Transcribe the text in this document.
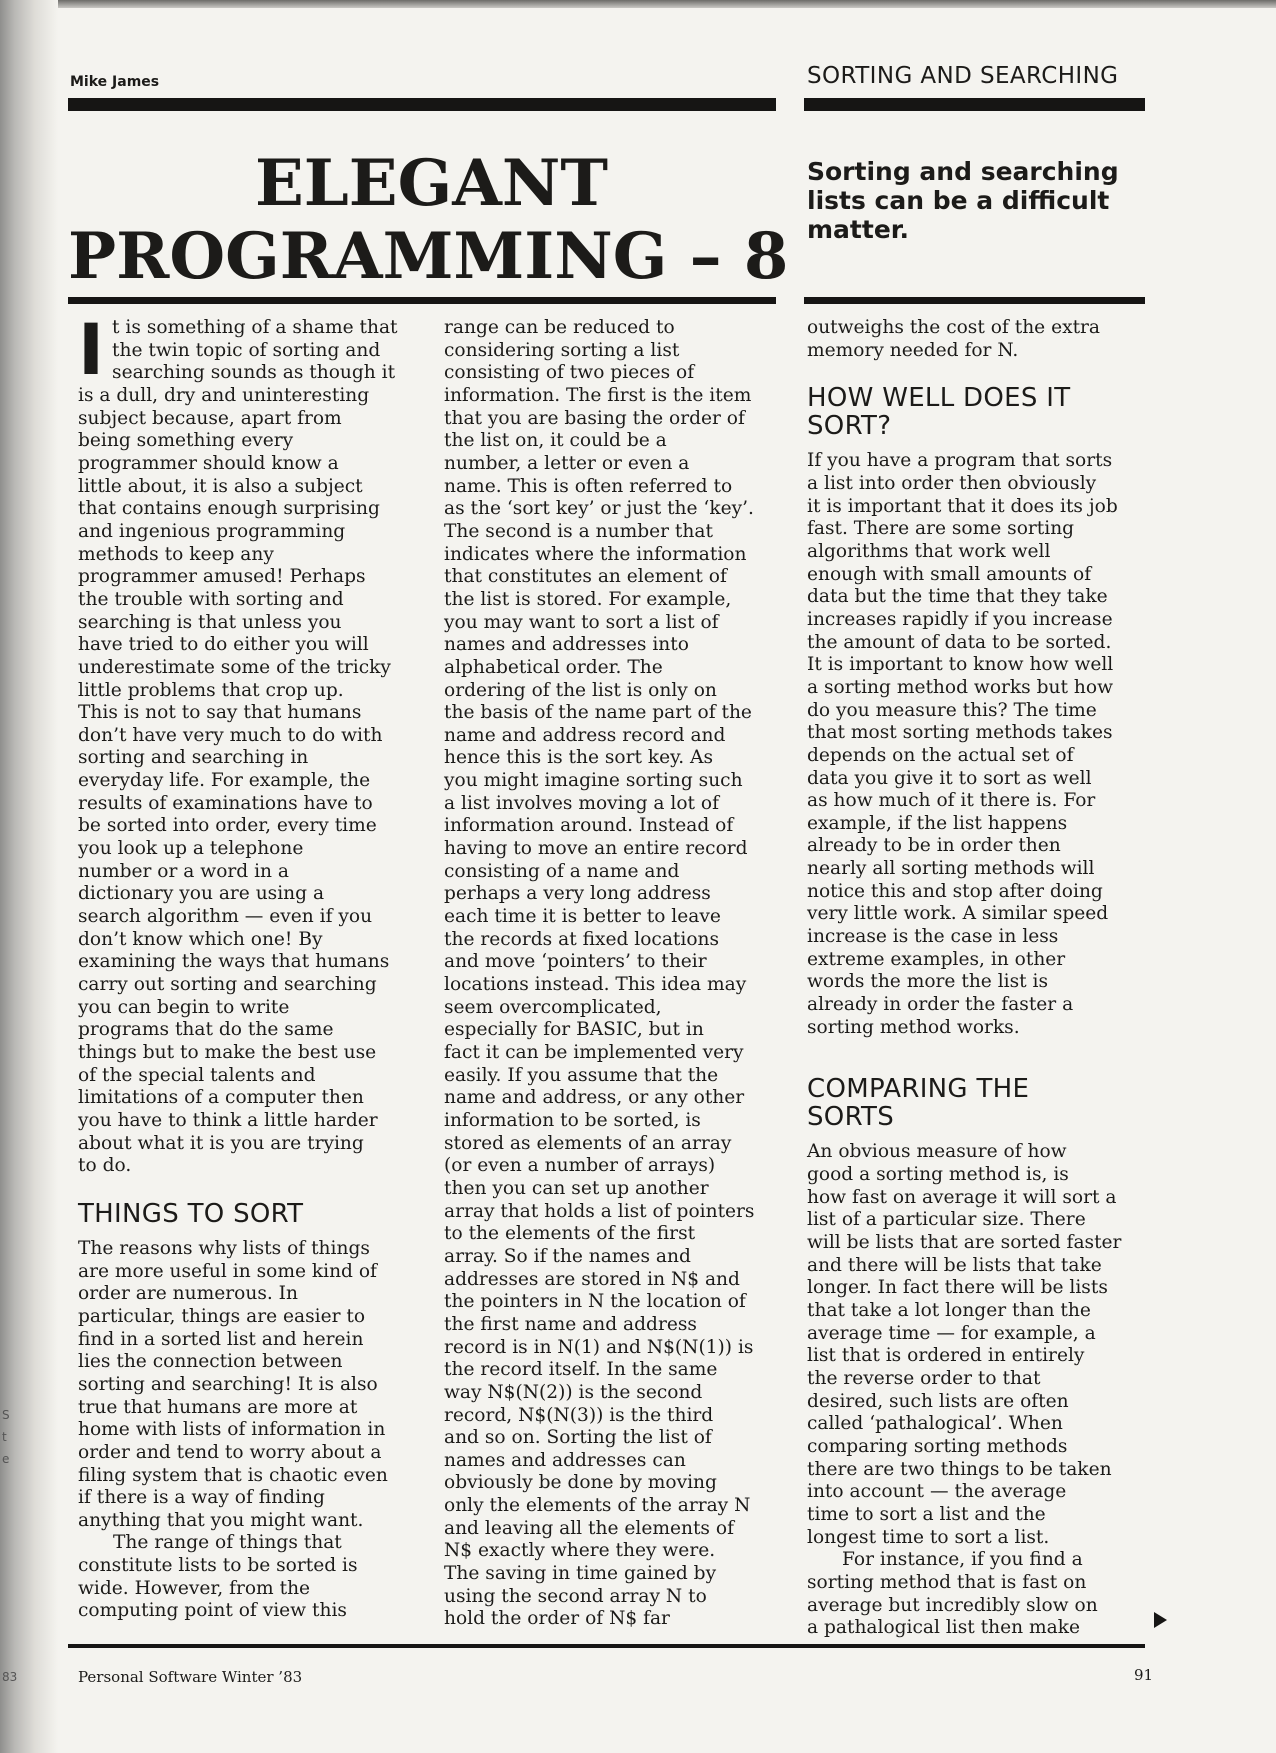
S
t
e
83
Mike James	SORTING AND SEARCHING
ELEGANT
PROGRAMMING – 8
Sorting and searching lists can be a difficult matter.
I t is something of a shame that

the twin topic of sorting and

searching sounds as though it

is a dull, dry and uninteresting

subject because, apart from

being something every

programmer should know a

little about, it is also a subject

that contains enough surprising

and ingenious programming

methods to keep any

programmer amused! Perhaps

the trouble with sorting and

searching is that unless you

have tried to do either you will

underestimate some of the tricky

little problems that crop up.

This is not to say that humans

don’t have very much to do with

sorting and searching in

everyday life. For example, the

results of examinations have to

be sorted into order, every time

you look up a telephone

number or a word in a

dictionary you are using a

search algorithm — even if you

don’t know which one! By

examining the ways that humans

carry out sorting and searching

you can begin to write

programs that do the same

things but to make the best use

of the special talents and

limitations of a computer then

you have to think a little harder

about what it is you are trying

to do.

THINGS TO SORT

The reasons why lists of things

are more useful in some kind of

order are numerous. In

particular, things are easier to

find in a sorted list and herein

lies the connection between

sorting and searching! It is also

true that humans are more at

home with lists of information in

order and tend to worry about a

filing system that is chaotic even

if there is a way of finding

anything that you might want.

The range of things that

constitute lists to be sorted is

wide. However, from the

computing point of view this

range can be reduced to

considering sorting a list

consisting of two pieces of

information. The first is the item

that you are basing the order of

the list on, it could be a

number, a letter or even a

name. This is often referred to

as the ‘sort key’ or just the ‘key’.

The second is a number that

indicates where the information

that constitutes an element of

the list is stored. For example,

you may want to sort a list of

names and addresses into

alphabetical order. The

ordering of the list is only on

the basis of the name part of the

name and address record and

hence this is the sort key. As

you might imagine sorting such

a list involves moving a lot of

information around. Instead of

having to move an entire record

consisting of a name and

perhaps a very long address

each time it is better to leave

the records at fixed locations

and move ‘pointers’ to their

locations instead. This idea may

seem overcomplicated,

especially for BASIC, but in

fact it can be implemented very

easily. If you assume that the

name and address, or any other

information to be sorted, is

stored as elements of an array

(or even a number of arrays)

then you can set up another

array that holds a list of pointers

to the elements of the first

array. So if the names and

addresses are stored in N$ and

the pointers in N the location of

the first name and address

record is in N(1) and N$(N(1)) is

the record itself. In the same

way N$(N(2)) is the second

record, N$(N(3)) is the third

and so on. Sorting the list of

names and addresses can

obviously be done by moving

only the elements of the array N

and leaving all the elements of

N$ exactly where they were.

The saving in time gained by

using the second array N to

hold the order of N$ far

outweighs the cost of the extra

memory needed for N.

HOW WELL DOES IT
SORT?

If you have a program that sorts

a list into order then obviously

it is important that it does its job

fast. There are some sorting

algorithms that work well

enough with small amounts of

data but the time that they take

increases rapidly if you increase

the amount of data to be sorted.

It is important to know how well

a sorting method works but how

do you measure this? The time

that most sorting methods takes

depends on the actual set of

data you give it to sort as well

as how much of it there is. For

example, if the list happens

already to be in order then

nearly all sorting methods will

notice this and stop after doing

very little work. A similar speed

increase is the case in less

extreme examples, in other

words the more the list is

already in order the faster a

sorting method works.

COMPARING THE
SORTS

An obvious measure of how

good a sorting method is, is

how fast on average it will sort a

list of a particular size. There

will be lists that are sorted faster

and there will be lists that take

longer. In fact there will be lists

that take a lot longer than the

average time — for example, a

list that is ordered in entirely

the reverse order to that

desired, such lists are often

called ‘pathalogical’. When

comparing sorting methods

there are two things to be taken

into account — the average

time to sort a list and the

longest time to sort a list.

For instance, if you find a

sorting method that is fast on

average but incredibly slow on

a pathalogical list then make

Personal Software Winter ’83	91
